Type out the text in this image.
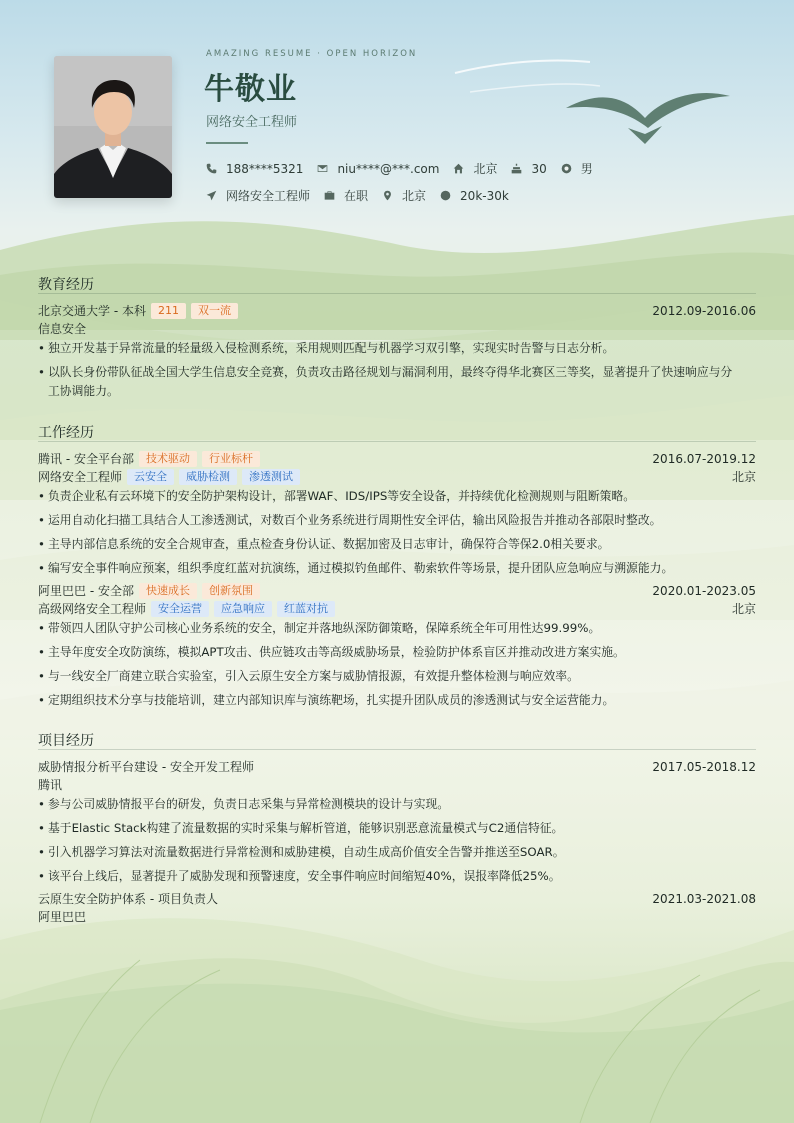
AMAZING RESUME · OPEN HORIZON
牛敬业
网络安全工程师
188****5321	niu****@***.com	北京	30	男
网络安全工程师	在职	北京	20k-30k
教育经历
北京交通大学 - 本科	211	双一流	2012.09-2016.06
信息安全
• 独立开发基于异常流量的轻量级入侵检测系统，采用规则匹配与机器学习双引擎，实现实时告警与日志分析。
• 以队长身份带队征战全国大学生信息安全竞赛，负责攻击路径规划与漏洞利用，最终夺得华北赛区三等奖，显著提升了快速响应与分
工协调能力。
工作经历
腾讯 - 安全平台部	技术驱动	行业标杆	2016.07-2019.12
网络安全工程师	云安全	威胁检测	渗透测试	北京
• 负责企业私有云环境下的安全防护架构设计，部署WAF、IDS/IPS等安全设备，并持续优化检测规则与阻断策略。
• 运用自动化扫描工具结合人工渗透测试，对数百个业务系统进行周期性安全评估，输出风险报告并推动各部限时整改。
• 主导内部信息系统的安全合规审查，重点检查身份认证、数据加密及日志审计，确保符合等保2.0相关要求。
• 编写安全事件响应预案，组织季度红蓝对抗演练，通过模拟钓鱼邮件、勒索软件等场景，提升团队应急响应与溯源能力。
阿里巴巴 - 安全部	快速成长	创新氛围	2020.01-2023.05
高级网络安全工程师	安全运营	应急响应	红蓝对抗	北京
• 带领四人团队守护公司核心业务系统的安全，制定并落地纵深防御策略，保障系统全年可用性达99.99%。
• 主导年度安全攻防演练，模拟APT攻击、供应链攻击等高级威胁场景，检验防护体系盲区并推动改进方案实施。
• 与一线安全厂商建立联合实验室，引入云原生安全方案与威胁情报源，有效提升整体检测与响应效率。
• 定期组织技术分享与技能培训，建立内部知识库与演练靶场，扎实提升团队成员的渗透测试与安全运营能力。
项目经历
威胁情报分析平台建设 - 安全开发工程师	2017.05-2018.12
腾讯
• 参与公司威胁情报平台的研发，负责日志采集与异常检测模块的设计与实现。
• 基于Elastic Stack构建了流量数据的实时采集与解析管道，能够识别恶意流量模式与C2通信特征。
• 引入机器学习算法对流量数据进行异常检测和威胁建模，自动生成高价值安全告警并推送至SOAR。
• 该平台上线后，显著提升了威胁发现和预警速度，安全事件响应时间缩短40%，误报率降低25%。
云原生安全防护体系 - 项目负责人	2021.03-2021.08
阿里巴巴
